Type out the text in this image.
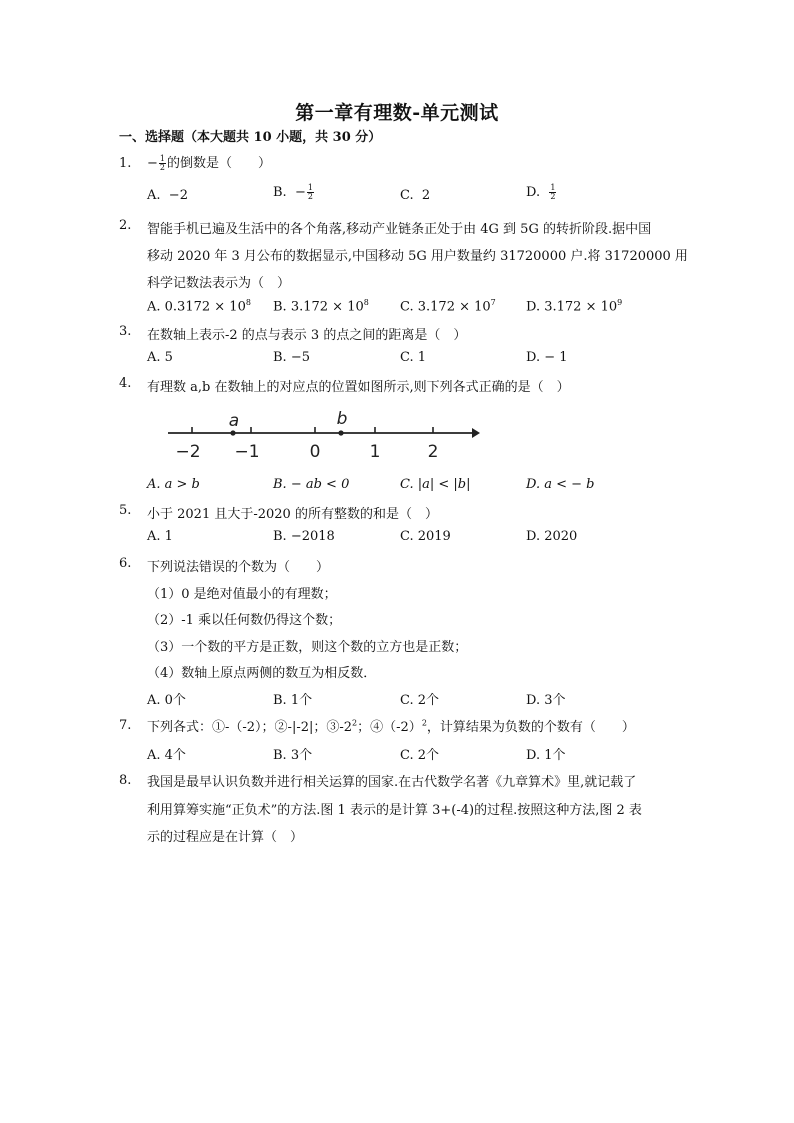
第一章有理数-单元测试
一、选择题（本大题共 10 小题，共 30 分）
1. − $\frac{1}{2}$ 的倒数是（　　）
A. −2	B. − $\frac{1}{2}$	C. 2	D. $\frac{1}{2}$
2. 智能手机已遍及生活中的各个角落,移动产业链条正处于由 4G 到 5G 的转折阶段.据中国
移动 2020 年 3 月公布的数据显示,中国移动 5G 用户数量约 31720000 户.将 31720000 用
科学记数法表示为（　）
A. $0.3172 \times 10^8$ B. $3.172 \times 10^8$ C. $3.172 \times 10^7$ D. $3.172 \times 10^9$
3. 在数轴上表示-2 的点与表示 3 的点之间的距离是（　）
A. 5	B. −5	C. 1	D. − 1
4. 有理数 a,b 在数轴上的对应点的位置如图所示,则下列各式正确的是（　）
−2 −1	0	1	2
a	b
A. a > b	B. − ab < 0	C. |a| < |b|	D. a < − b
5. 小于 2021 且大于-2020 的所有整数的和是（　）
A. 1	B. −2018	C. 2019	D. 2020
6. 下列说法错误的个数为（　　）
（1）0 是绝对值最小的有理数；
（2）-1 乘以任何数仍得这个数；
（3）一个数的平方是正数，则这个数的立方也是正数；
（4）数轴上原点两侧的数互为相反数．
A. 0个	B. 1个	C. 2个	D. 3个
7. 下列各式：①-（-2）；②-|-2|；$③-2^2$；$④(-2)^2$，计算结果为负数的个数有（　　）
A. 4个	B. 3个	C. 2个	D. 1个
8. 我国是最早认识负数并进行相关运算的国家.在古代数学名著《九章算术》里,就记载了
利用算筹实施“正负术”的方法.图 1 表示的是计算 3+(-4)的过程.按照这种方法,图 2 表
示的过程应是在计算（　）
